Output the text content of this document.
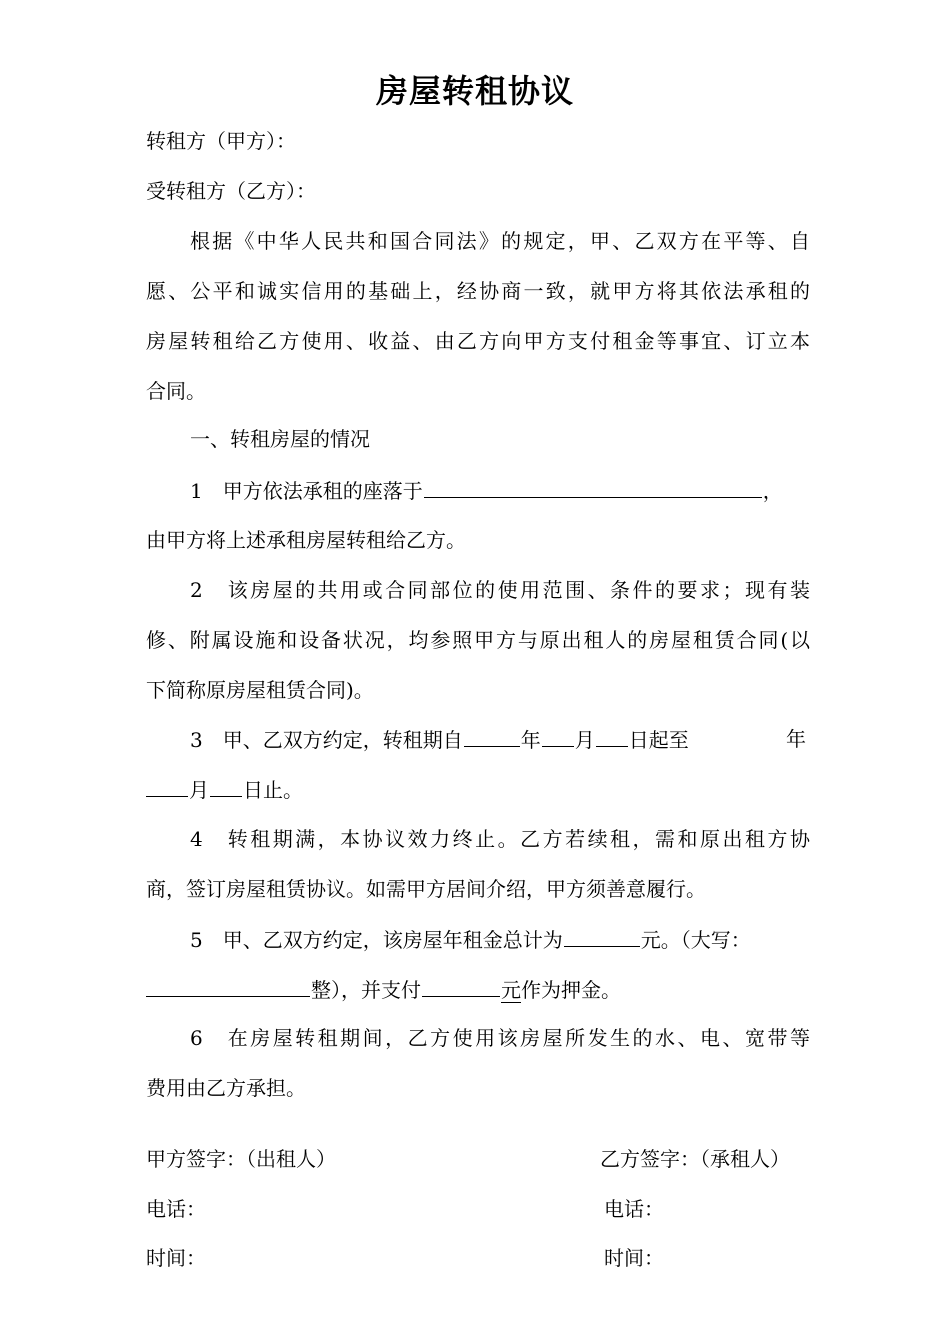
房屋转租协议
转租方（甲方）：
受转租方（乙方）：
根据《中华人民共和国合同法》的规定，甲、乙双方在平等、自
愿、公平和诚实信用的基础上，经协商一致，就甲方将其依法承租的
房屋转租给乙方使用、收益、由乙方向甲方支付租金等事宜、订立本
合同。
一、转租房屋的情况
1　甲方依法承租的座落于	，
由甲方将上述承租房屋转租给乙方。
2　该房屋的共用或合同部位的使用范围、条件的要求；现有装
修、附属设施和设备状况，均参照甲方与原出租人的房屋租赁合同(以
下简称原房屋租赁合同)。
3　甲、乙双方约定，转租期自	年 月 日起至	年
月 日止。
4　转租期满，本协议效力终止。乙方若续租，需和原出租方协
商，签订房屋租赁协议。如需甲方居间介绍，甲方须善意履行。
5　甲、乙双方约定，该房屋年租金总计为	元。（大写：
整），并支付	元作为押金。
6　在房屋转租期间，乙方使用该房屋所发生的水、电、宽带等
费用由乙方承担。
甲方签字：（出租人）	乙方签字：（承租人）
电话：	电话：
时间：	时间：
